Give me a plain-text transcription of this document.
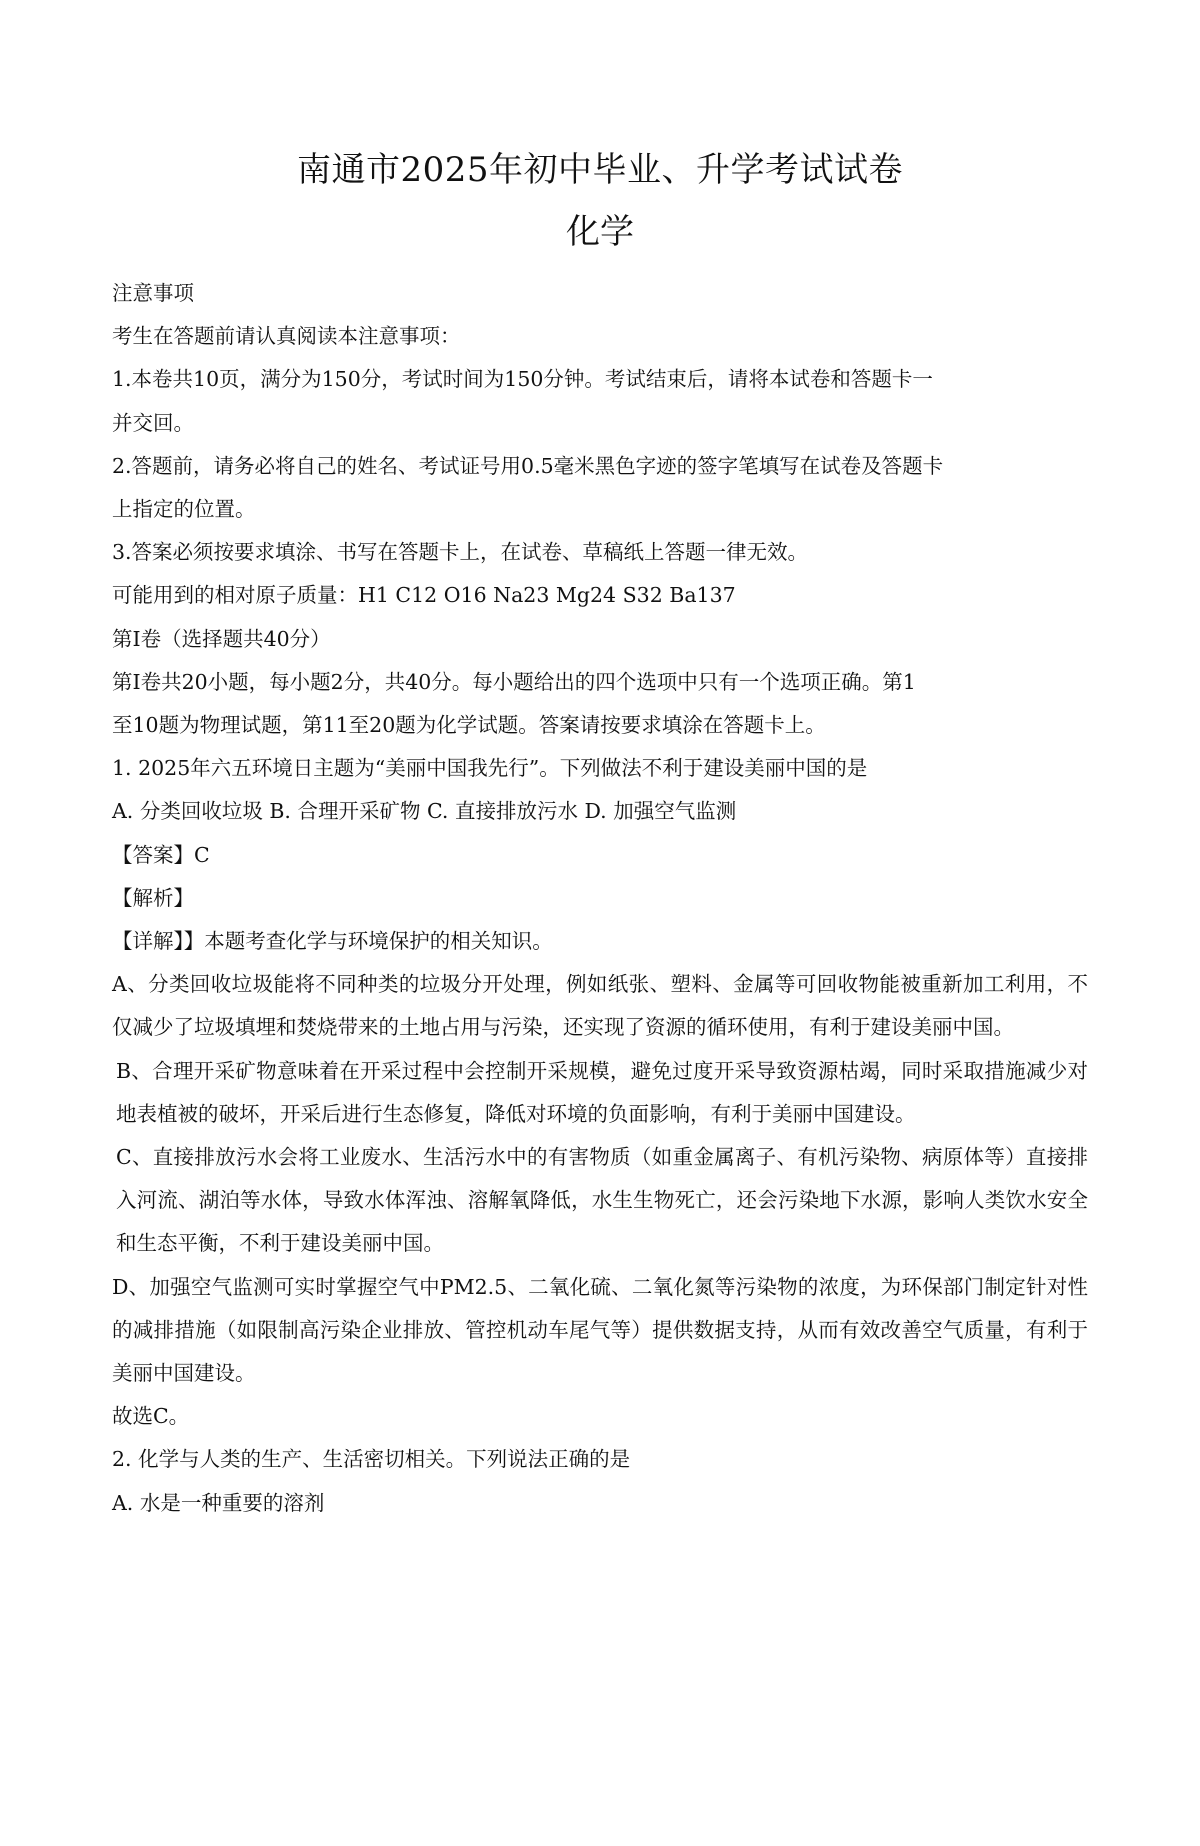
南通市2025年初中毕业、升学考试试卷
化学
注意事项
考生在答题前请认真阅读本注意事项：
1.本卷共10页，满分为150分，考试时间为150分钟。考试结束后，请将本试卷和答题卡一
并交回。
2.答题前，请务必将自己的姓名、考试证号用0.5毫米黑色字迹的签字笔填写在试卷及答题卡
上指定的位置。
3.答案必须按要求填涂、书写在答题卡上，在试卷、草稿纸上答题一律无效。
可能用到的相对原子质量：H1 C12 O16 Na23 Mg24 S32 Ba137
第Ⅰ卷（选择题共40分）
第Ⅰ卷共20小题，每小题2分，共40分。每小题给出的四个选项中只有一个选项正确。第1
至10题为物理试题，第11至20题为化学试题。答案请按要求填涂在答题卡上。
1. 2025年六五环境日主题为“美丽中国我先行”。下列做法不利于建设美丽中国的是
A. 分类回收垃圾 B. 合理开采矿物 C. 直接排放污水 D. 加强空气监测
【答案】C
【解析】
【详解】】本题考查化学与环境保护的相关知识。
A、分类回收垃圾能将不同种类的垃圾分开处理，例如纸张、塑料、金属等可回收物能被重新加工利用，不仅减少了垃圾填埋和焚烧带来的土地占用与污染，还实现了资源的循环使用，有利于建设美丽中国。
B、合理开采矿物意味着在开采过程中会控制开采规模，避免过度开采导致资源枯竭，同时采取措施减少对地表植被的破坏，开采后进行生态修复，降低对环境的负面影响，有利于美丽中国建设。
C、直接排放污水会将工业废水、生活污水中的有害物质（如重金属离子、有机污染物、病原体等）直接排入河流、湖泊等水体，导致水体浑浊、溶解氧降低，水生生物死亡，还会污染地下水源，影响人类饮水安全和生态平衡，不利于建设美丽中国。
D、加强空气监测可实时掌握空气中PM2.5、二氧化硫、二氧化氮等污染物的浓度，为环保部门制定针对性的减排措施（如限制高污染企业排放、管控机动车尾气等）提供数据支持，从而有效改善空气质量，有利于美丽中国建设。
故选C。
2. 化学与人类的生产、生活密切相关。下列说法正确的是
A. 水是一种重要的溶剂
